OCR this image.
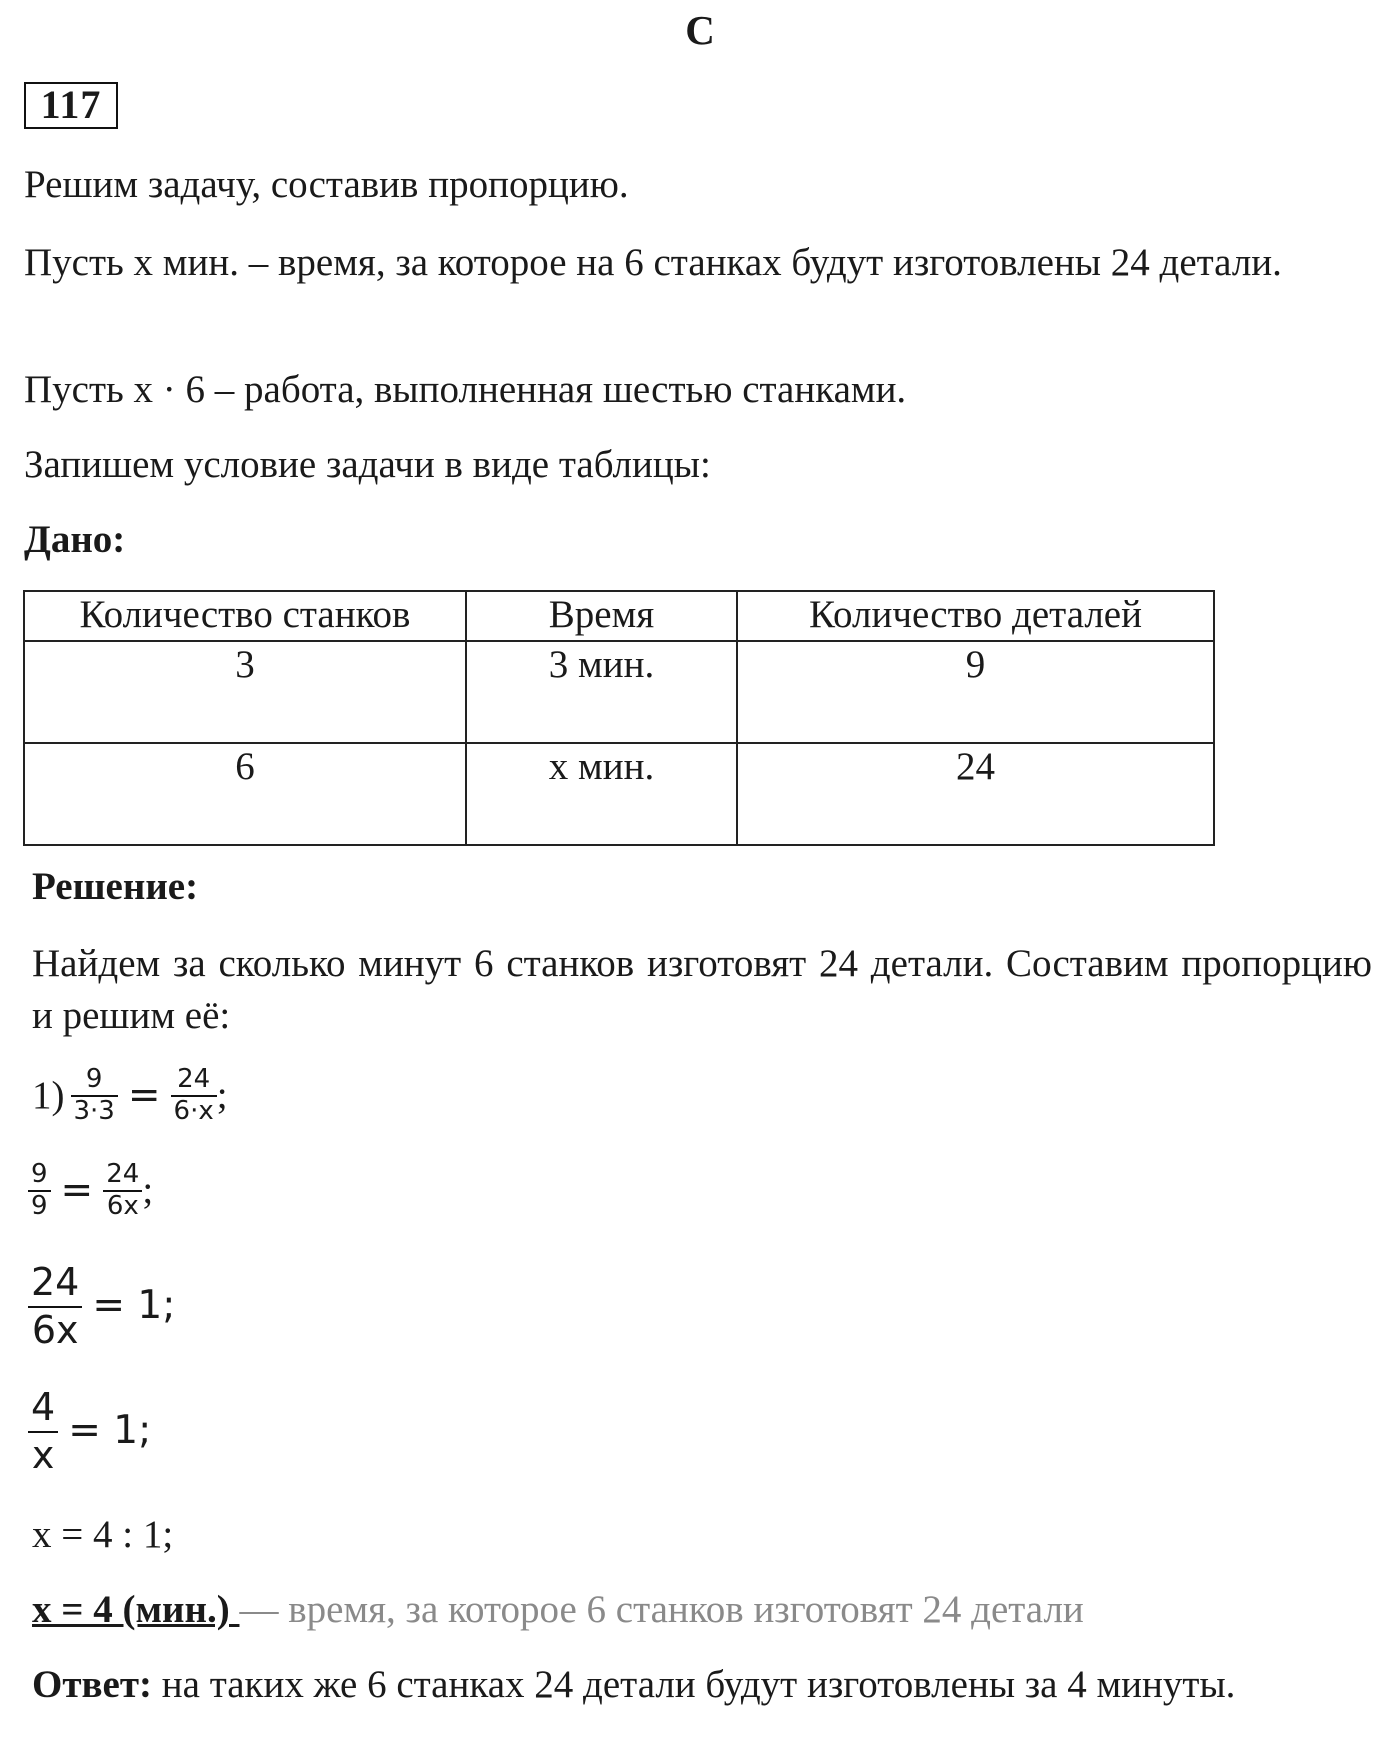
С
117
Решим задачу, составив пропорцию.
Пусть х мин. – время, за которое на 6 станках будут изготовлены 24 детали.
Пусть х · 6 – работа, выполненная шестью станками.
Запишем условие задачи в виде таблицы:
Дано:
Количество станков	Время	Количество деталей
3	3 мин.	9
6	х мин.	24
Решение:
Найдем за сколько минут 6 станков изготовят 24 детали. Составим пропорцию и решим её:
$1) \frac{9}{3\cdot 3} = \frac{24}{6\cdot x}$ ;
$\frac{9}{9} = \frac{24}{6x}$ ;
$\frac{24}{6x} = 1$;
$\frac{4}{x} = 1$;
х = 4 : 1;
х = 4 (мин.) — время, за которое 6 станков изготовят 24 детали
Ответ: на таких же 6 станках 24 детали будут изготовлены за 4 минуты.
